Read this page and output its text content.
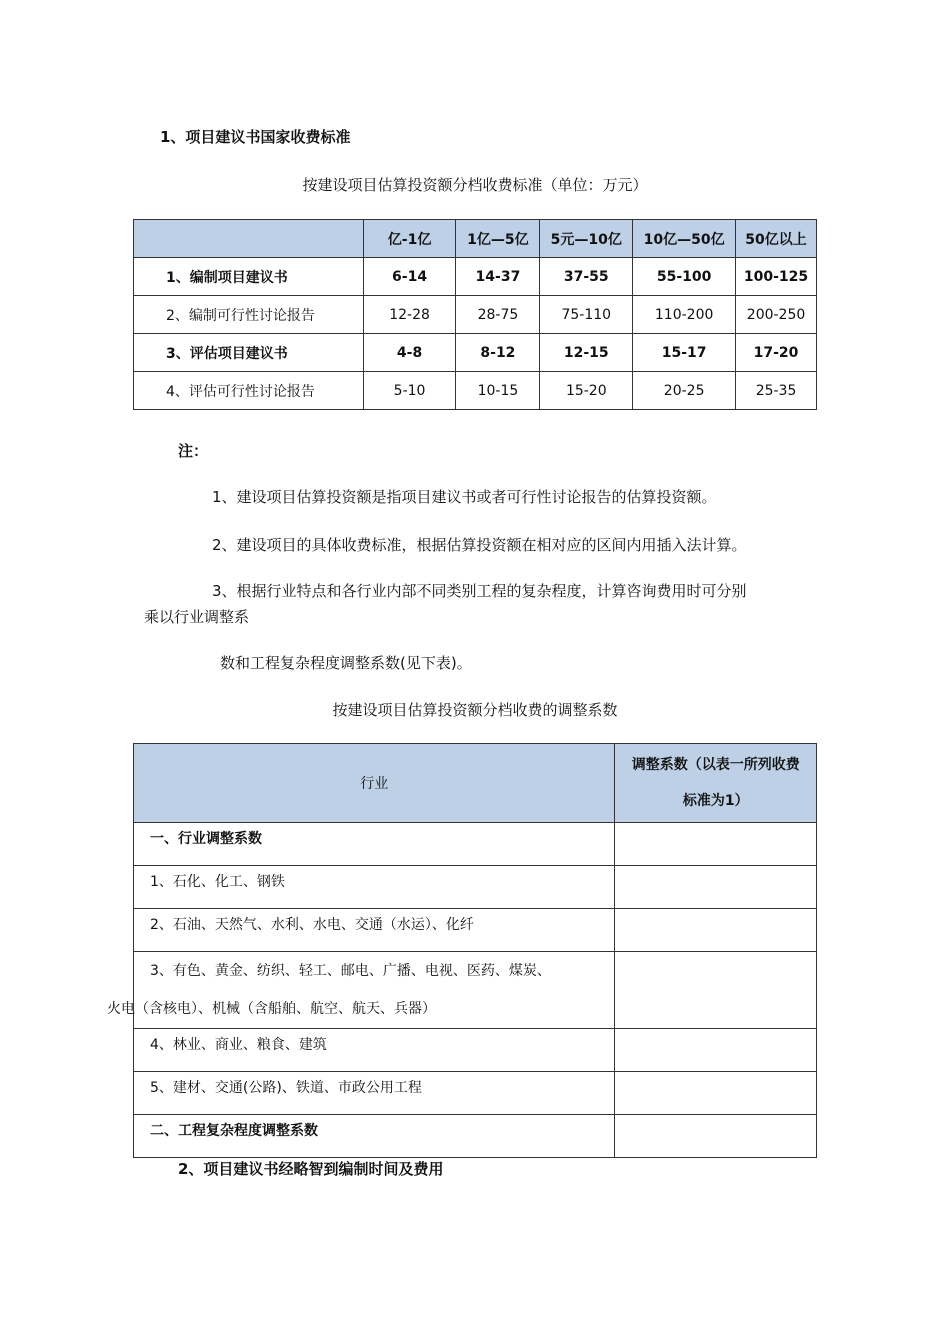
1、项目建议书国家收费标准
按建设项目估算投资额分档收费标准（单位：万元）
	亿-1亿	1亿—5亿	5元—10亿	10亿—50亿	50亿以上
1、编制项目建议书	6-14	14-37	37-55	55-100	100-125
2、编制可行性讨论报告	12-28	28-75	75-110	110-200	200-250
3、评估项目建议书	4-8	8-12	12-15	15-17	17-20
4、评估可行性讨论报告	5-10	10-15	15-20	20-25	25-35
注：
1、建设项目估算投资额是指项目建议书或者可行性讨论报告的估算投资额。
2、建设项目的具体收费标准，根据估算投资额在相对应的区间内用插入法计算。
3、根据行业特点和各行业内部不同类别工程的复杂程度，计算咨询费用时可分别
乘以行业调整系
数和工程复杂程度调整系数(见下表)。
按建设项目估算投资额分档收费的调整系数
行业	调整系数（以表一所列收费
标准为1）

一、行业调整系数	
1、石化、化工、钢铁	
2、石油、天然气、水利、水电、交通（水运）、化纤	

3、有色、黄金、纺织、轻工、邮电、广播、电视、医药、煤炭、
火电（含核电）、机械（含船舶、航空、航天、兵器）	

4、林业、商业、粮食、建筑	
5、建材、交通(公路)、铁道、市政公用工程	
二、工程复杂程度调整系数	
2、项目建议书经略智到编制时间及费用
